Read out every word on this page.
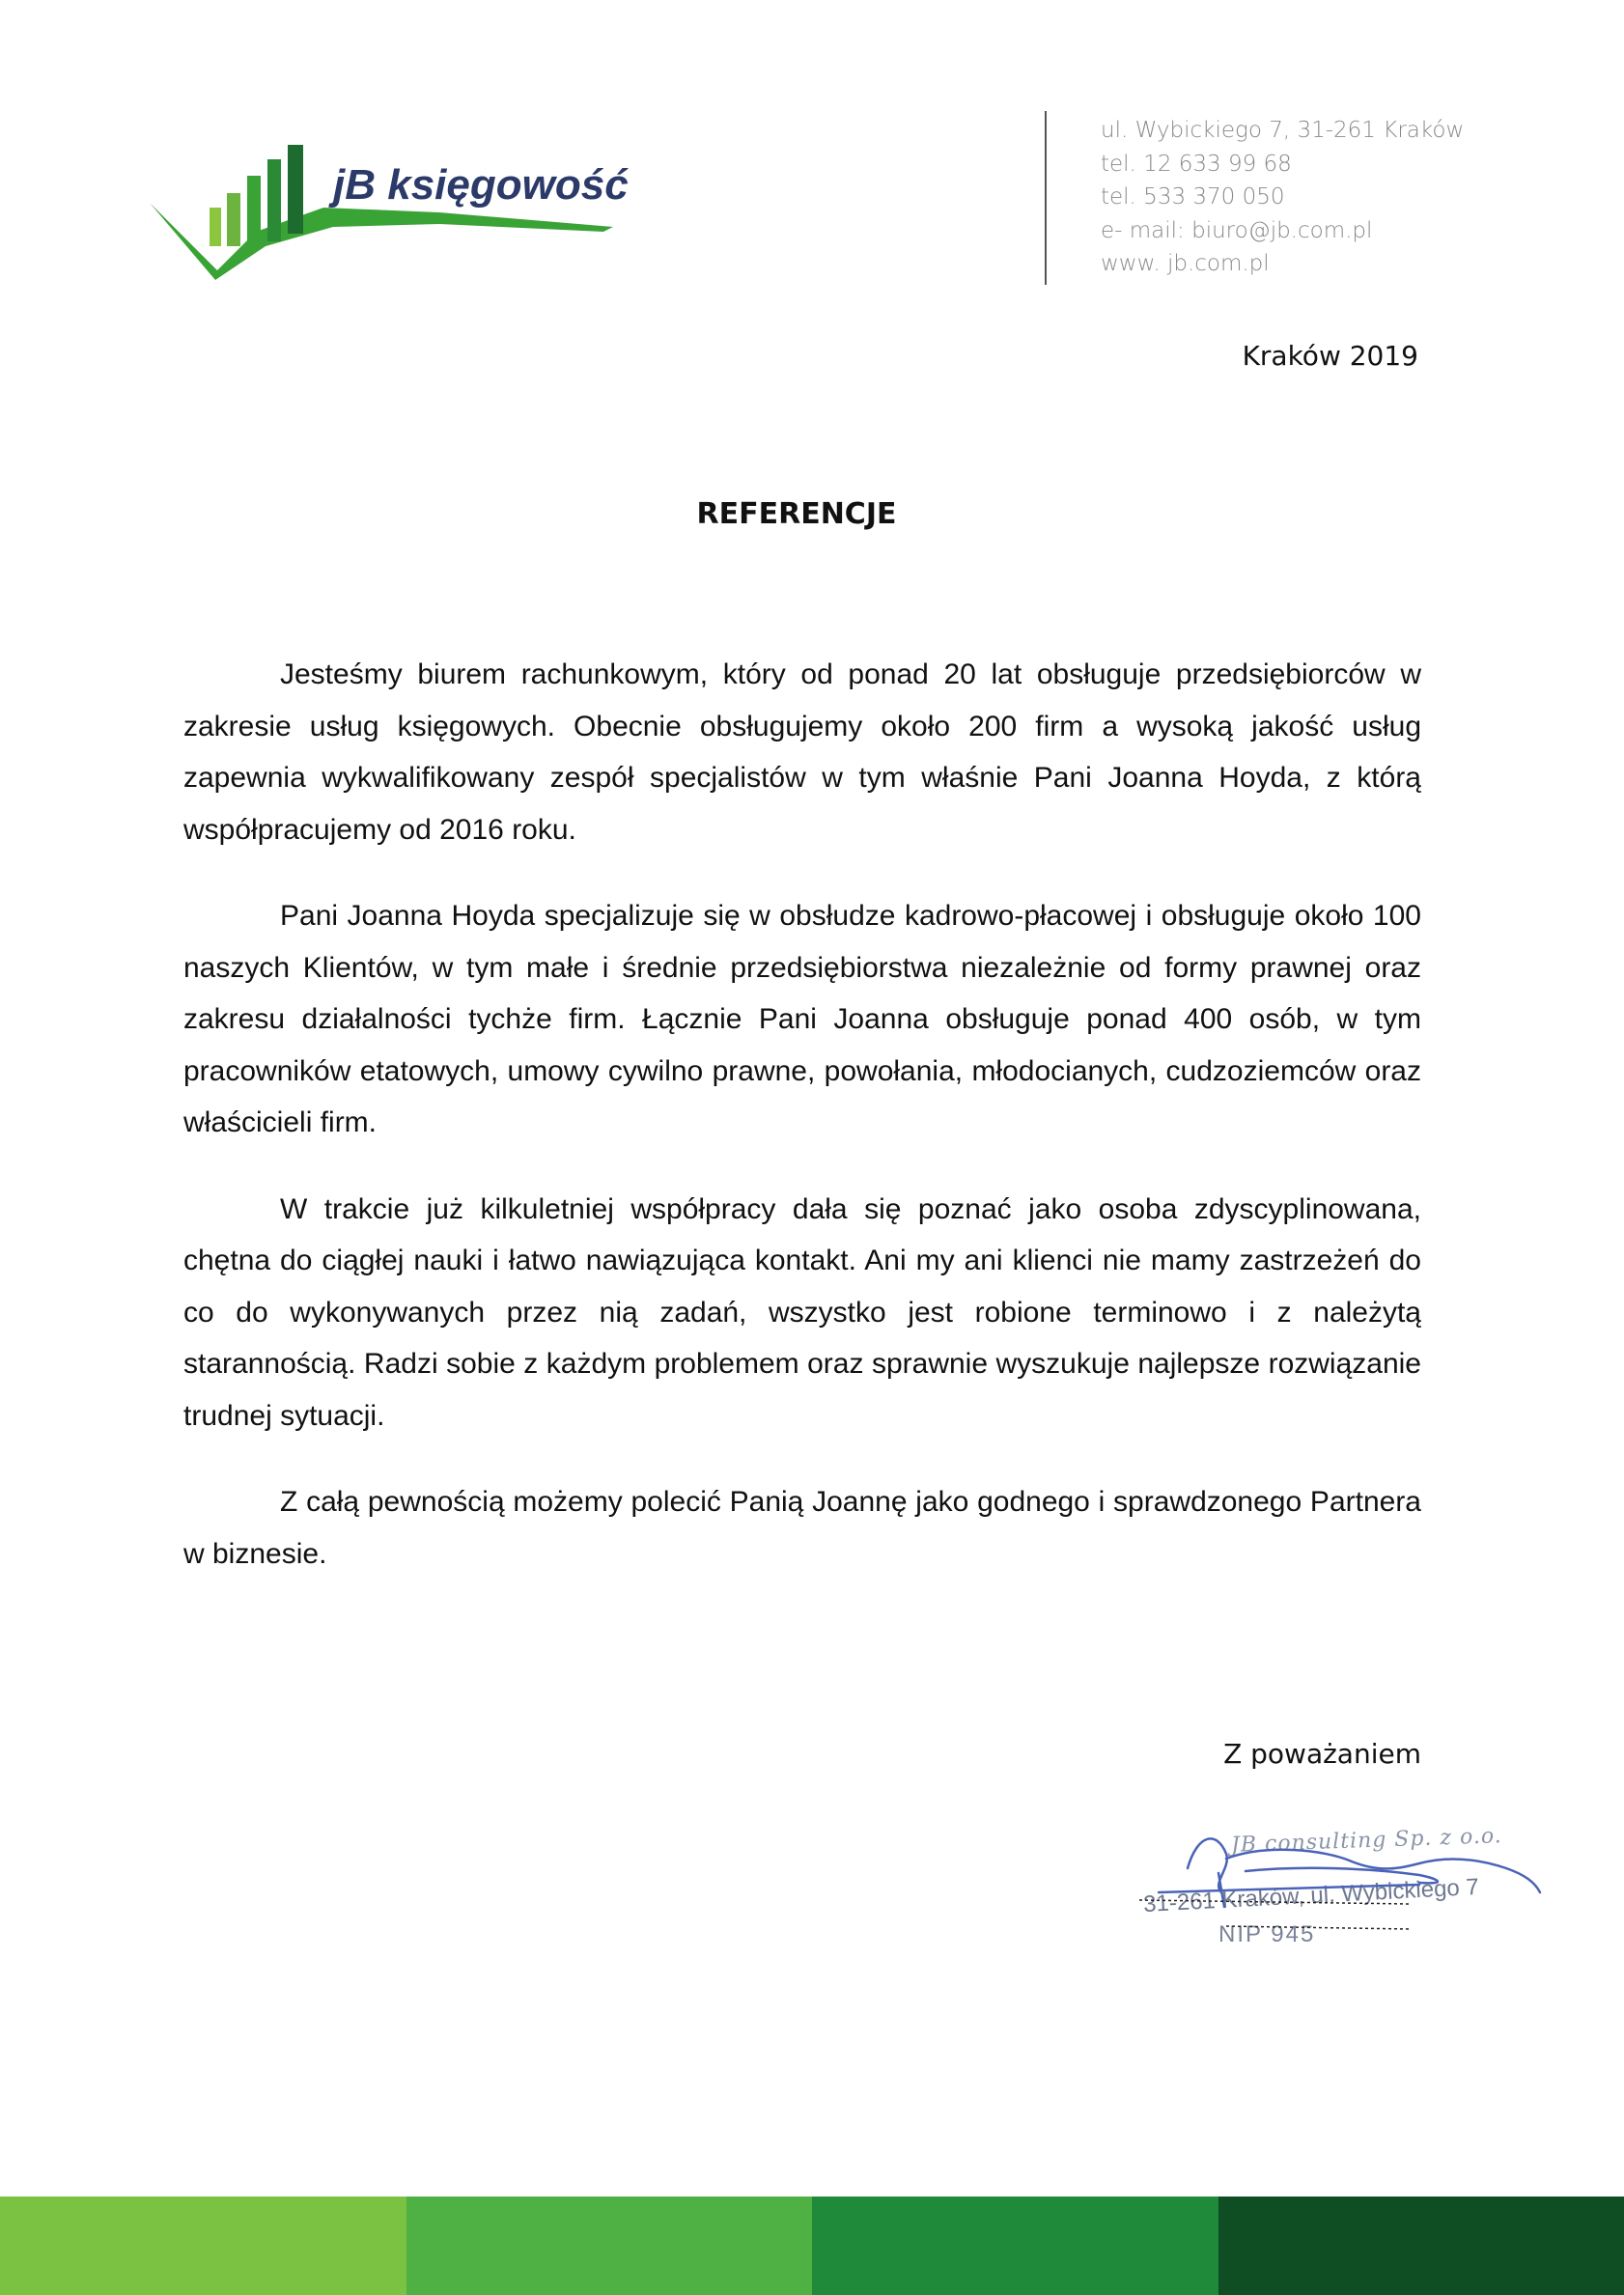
jB księgowość
ul. Wybickiego 7, 31-261 Kraków
tel. 12 633 99 68
tel. 533 370 050
e- mail: biuro@jb.com.pl
www. jb.com.pl
Kraków 2019
REFERENCJE

Jesteśmy biurem rachunkowym, który od ponad 20 lat obsługuje przedsiębiorców w zakresie usług księgowych. Obecnie obsługujemy około 200 firm a wysoką jakość usług zapewnia wykwalifikowany zespół specjalistów w tym właśnie Pani Joanna Hoyda, z którą współpracujemy od 2016 roku.

Pani Joanna Hoyda specjalizuje się w obsłudze kadrowo-płacowej i obsługuje około 100 naszych Klientów, w tym małe i średnie przedsiębiorstwa niezależnie od formy prawnej oraz zakresu działalności tychże firm. Łącznie Pani Joanna obsługuje ponad 400 osób, w tym pracowników etatowych, umowy cywilno prawne, powołania, młodocianych, cudzoziemców oraz właścicieli firm.

W trakcie już kilkuletniej współpracy dała się poznać jako osoba zdyscyplinowana, chętna do ciągłej nauki i łatwo nawiązująca kontakt. Ani my ani klienci nie mamy zastrzeżeń do co do wykonywanych przez nią zadań, wszystko jest robione terminowo i z należytą starannością. Radzi sobie z każdym problemem oraz sprawnie wyszukuje najlepsze rozwiązanie trudnej sytuacji.

Z całą pewnością możemy polecić Panią Joannę jako godnego i sprawdzonego Partnera w biznesie.

Z poważaniem
JB consulting Sp. z o.o.
31-261 Kraków, ul. Wybickiego 7
NIP 945
